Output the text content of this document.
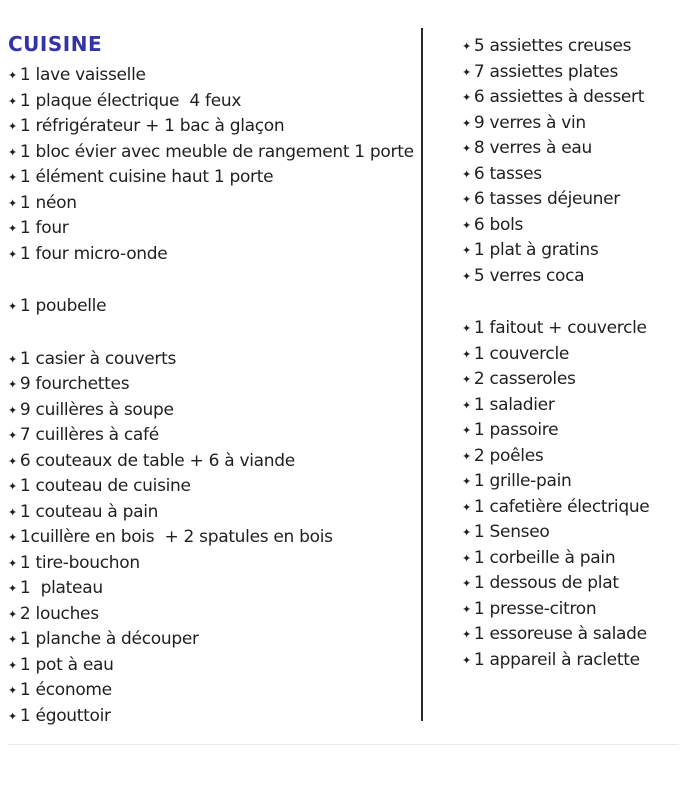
CUISINE
✦ 1 lave vaisselle
✦ 1 plaque électrique  4 feux
✦ 1 réfrigérateur + 1 bac à glaçon
✦ 1 bloc évier avec meuble de rangement 1 porte
✦ 1 élément cuisine haut 1 porte
✦ 1 néon
✦ 1 four
✦ 1 four micro-onde
✦ 1 poubelle
✦ 1 casier à couverts
✦ 9 fourchettes
✦ 9 cuillères à soupe
✦ 7 cuillères à café
✦ 6 couteaux de table + 6 à viande
✦ 1 couteau de cuisine
✦ 1 couteau à pain
✦ 1cuillère en bois  + 2 spatules en bois
✦ 1 tire-bouchon
✦ 1  plateau
✦ 2 louches
✦ 1 planche à découper
✦ 1 pot à eau
✦ 1 économe
✦ 1 égouttoir
✦ 5 assiettes creuses
✦ 7 assiettes plates
✦ 6 assiettes à dessert
✦ 9 verres à vin
✦ 8 verres à eau
✦ 6 tasses
✦ 6 tasses déjeuner
✦ 6 bols
✦ 1 plat à gratins
✦ 5 verres coca
✦ 1 faitout + couvercle
✦ 1 couvercle
✦ 2 casseroles
✦ 1 saladier
✦ 1 passoire
✦ 2 poêles
✦ 1 grille-pain
✦ 1 cafetière électrique
✦ 1 Senseo
✦ 1 corbeille à pain
✦ 1 dessous de plat
✦ 1 presse-citron
✦ 1 essoreuse à salade
✦ 1 appareil à raclette
